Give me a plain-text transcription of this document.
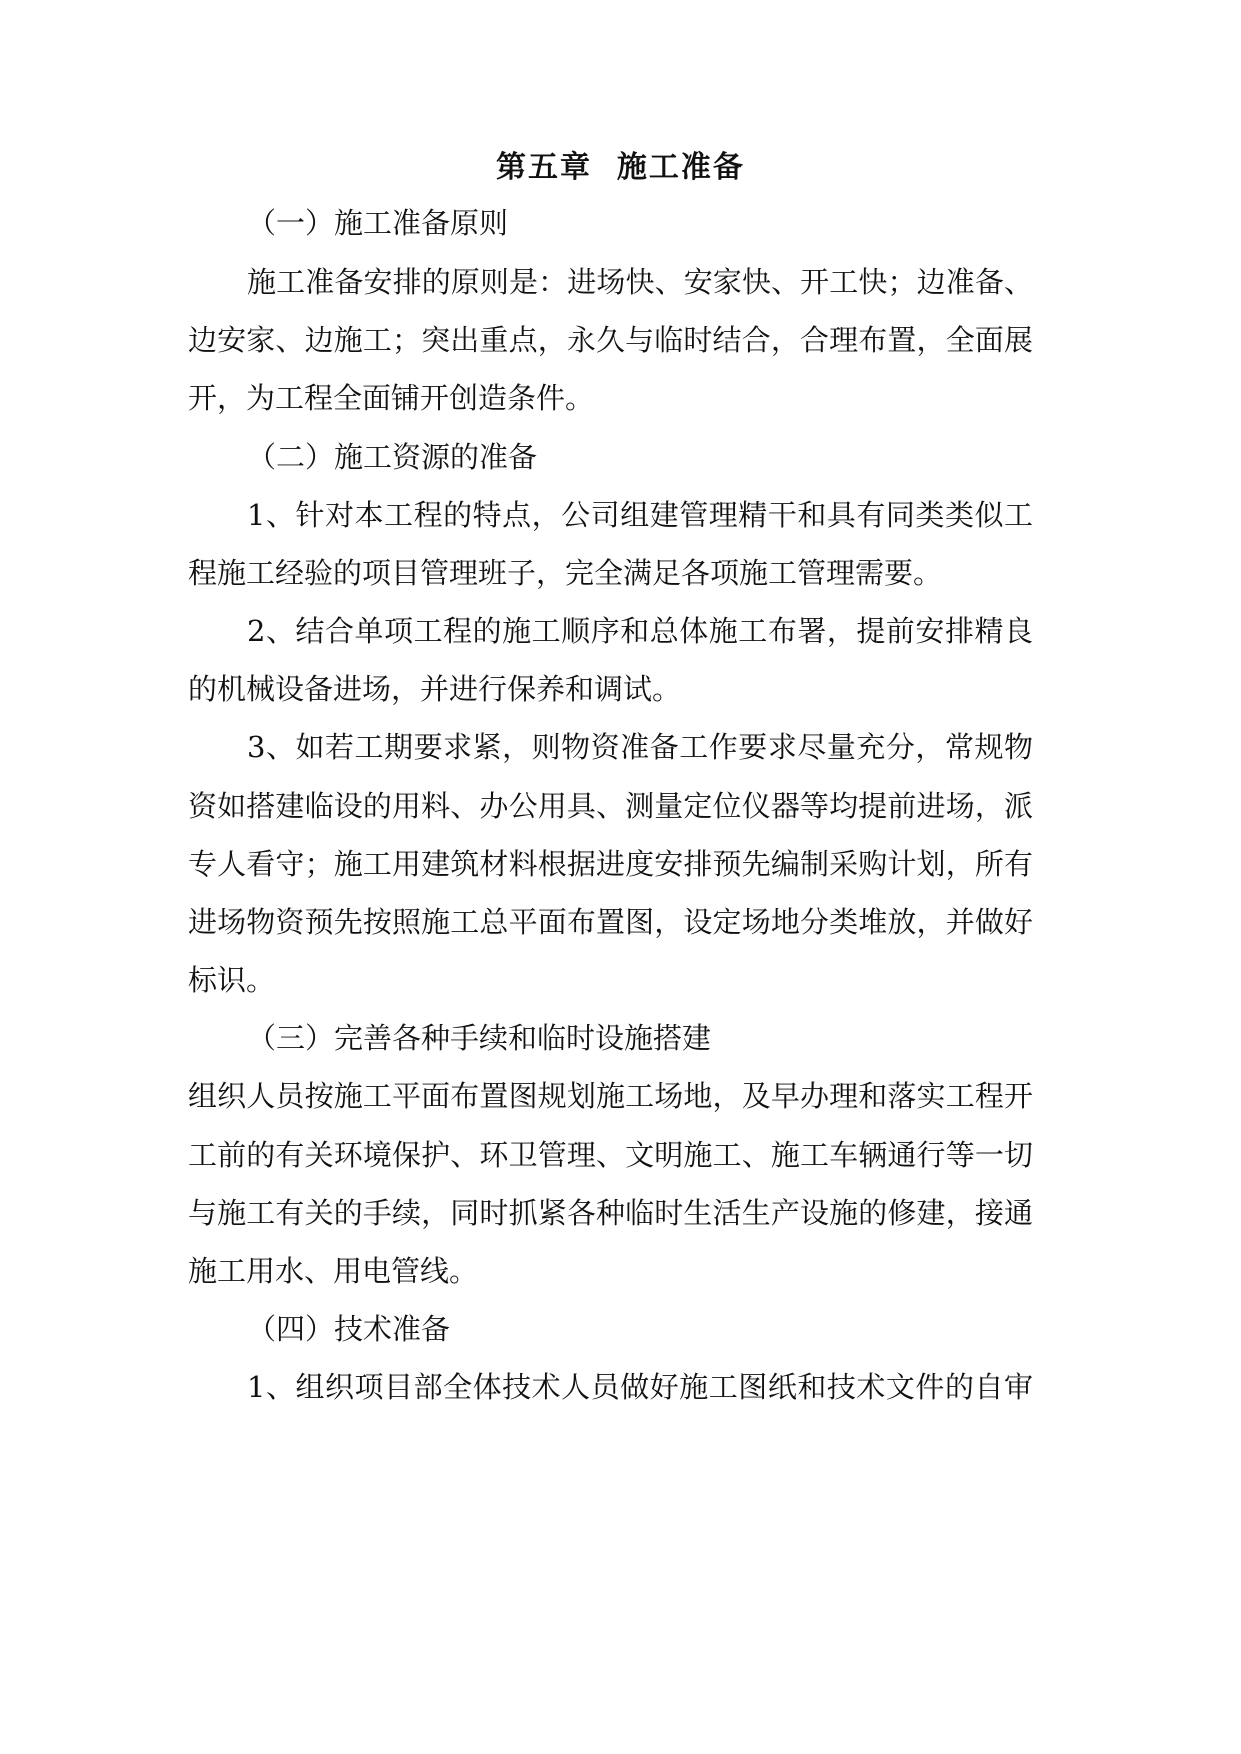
第五章  施工准备
（一）施工准备原则
施工准备安排的原则是：进场快、安家快、开工快；边准备、
边安家、边施工；突出重点，永久与临时结合，合理布置，全面展
开，为工程全面铺开创造条件。
（二）施工资源的准备
1、针对本工程的特点，公司组建管理精干和具有同类类似工
程施工经验的项目管理班子，完全满足各项施工管理需要。
2、结合单项工程的施工顺序和总体施工布署，提前安排精良
的机械设备进场，并进行保养和调试。
3、如若工期要求紧，则物资准备工作要求尽量充分，常规物
资如搭建临设的用料、办公用具、测量定位仪器等均提前进场，派
专人看守；施工用建筑材料根据进度安排预先编制采购计划，所有
进场物资预先按照施工总平面布置图，设定场地分类堆放，并做好
标识。
（三）完善各种手续和临时设施搭建
组织人员按施工平面布置图规划施工场地，及早办理和落实工程开
工前的有关环境保护、环卫管理、文明施工、施工车辆通行等一切
与施工有关的手续，同时抓紧各种临时生活生产设施的修建，接通
施工用水、用电管线。
（四）技术准备
1、组织项目部全体技术人员做好施工图纸和技术文件的自审
